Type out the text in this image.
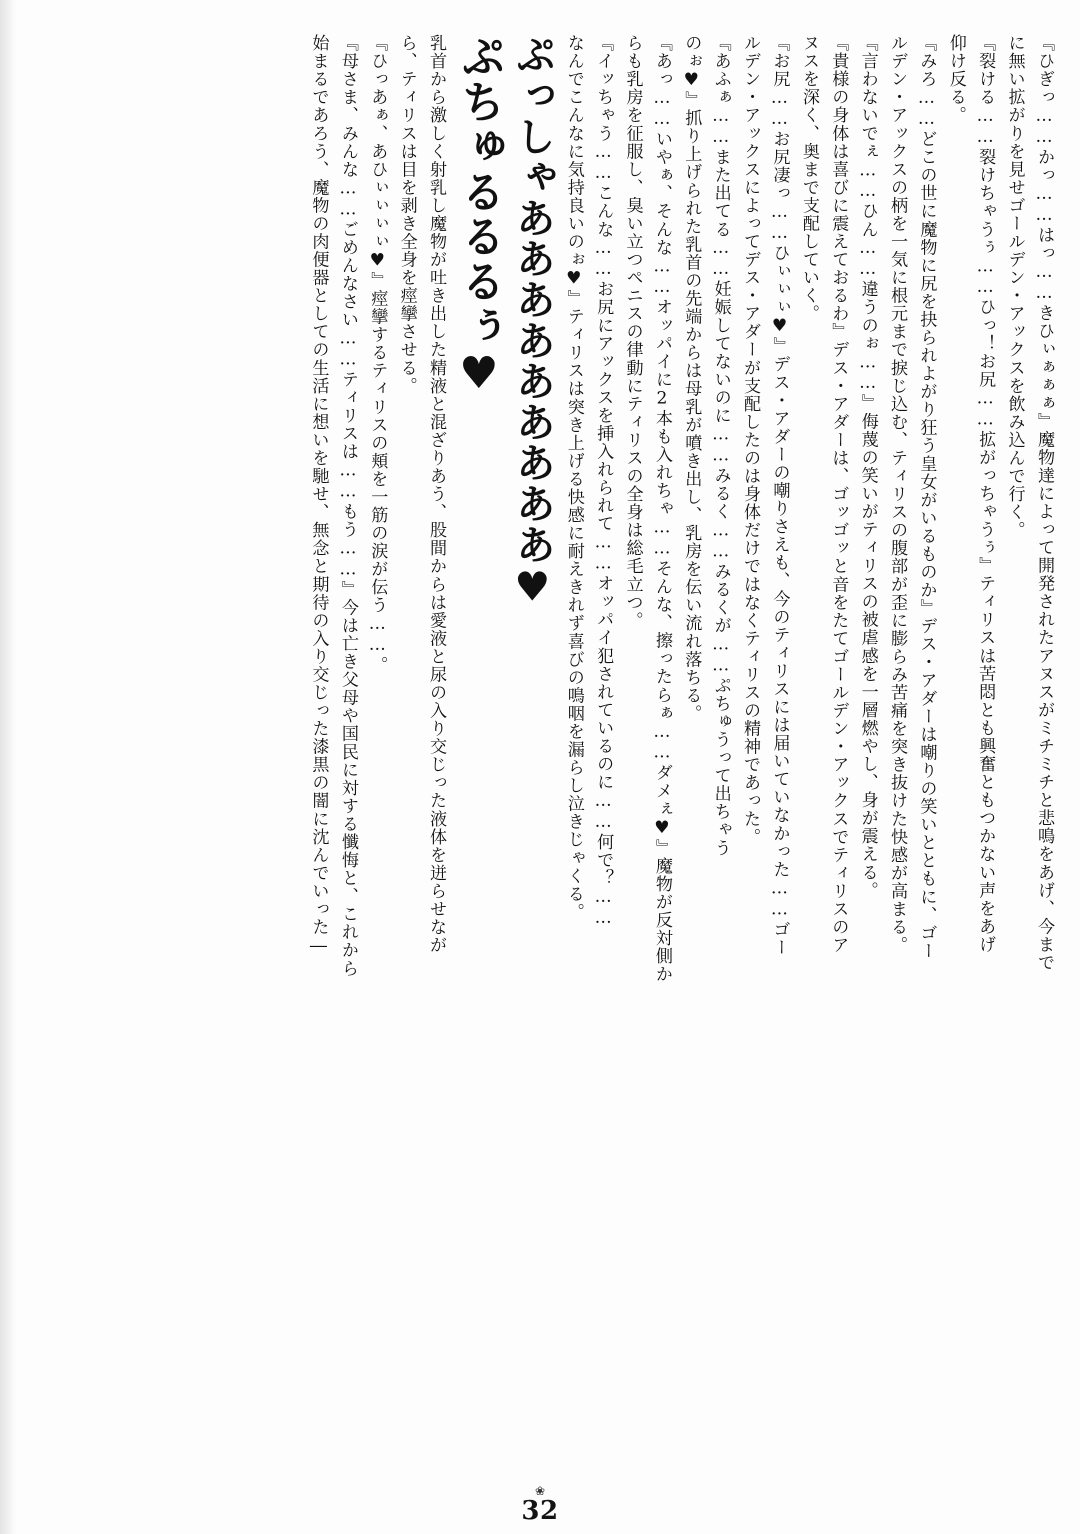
『ひぎっ……かっ……はっ……きひぃぁぁぁ』魔物達によって開発されたアヌスがミチミチと悲鳴をあげ、今まで

に無い拡がりを見せゴールデン・アックスを飲み込んで行く。

『裂ける……裂けちゃうぅ……ひっ！お尻……拡がっちゃうぅ』ティリスは苦悶とも興奮ともつかない声をあげ

仰け反る。

『みろ……どこの世に魔物に尻を抉られよがり狂う皇女がいるものか』デス・アダーは嘲りの笑いとともに、ゴー

ルデン・アックスの柄を一気に根元まで捩じ込む、ティリスの腹部が歪に膨らみ苦痛を突き抜けた快感が高まる。

『言わないでぇ……ひん……違うのぉ……』侮蔑の笑いがティリスの被虐感を一層燃やし、身が震える。

『貴様の身体は喜びに震えておるわ』デス・アダーは、ゴッゴッと音をたてゴールデン・アックスでティリスのア

ヌスを深く、奥まで支配していく。

『お尻……お尻凄っ……ひぃぃぃ♥』デス・アダーの嘲りさえも、今のティリスには届いていなかった……ゴー

ルデン・アックスによってデス・アダーが支配したのは身体だけではなくティリスの精神であった。

『あふぁ……また出てる……妊娠してないのに……みるく……みるくが……ぷちゅうって出ちゃう

のぉ♥』抓り上げられた乳首の先端からは母乳が噴き出し、乳房を伝い流れ落ちる。

『あっ……いやぁ、そんな……オッパイに2本も入れちゃ……そんな、擦ったらぁ……ダメぇ♥』魔物が反対側か

らも乳房を征服し、臭い立つペニスの律動にティリスの全身は総毛立つ。

『イッちゃう……こんな……お尻にアックスを挿入れられて……オッパイ犯されているのに……何で？……

なんでこんなに気持良いのぉ♥』ティリスは突き上げる快感に耐えきれず喜びの鳴咽を漏らし泣きじゃくる。

ぷっしゃあああああああああ♥

ぷちゅるるるぅ♥

乳首から激しく射乳し魔物が吐き出した精液と混ざりあう、股間からは愛液と尿の入り交じった液体を迸らせなが

ら、ティリスは目を剥き全身を痙攣させる。

『ひっあぁ、あひぃぃぃぃ♥』痙攣するティリスの頬を一筋の涙が伝う……。

『母さま、みんな……ごめんなさい……ティリスは……もう……』今は亡き父母や国民に対する懺悔と、これから

始まるであろう、魔物の肉便器としての生活に想いを馳せ、無念と期待の入り交じった漆黒の闇に沈んでいった―

❀
32
